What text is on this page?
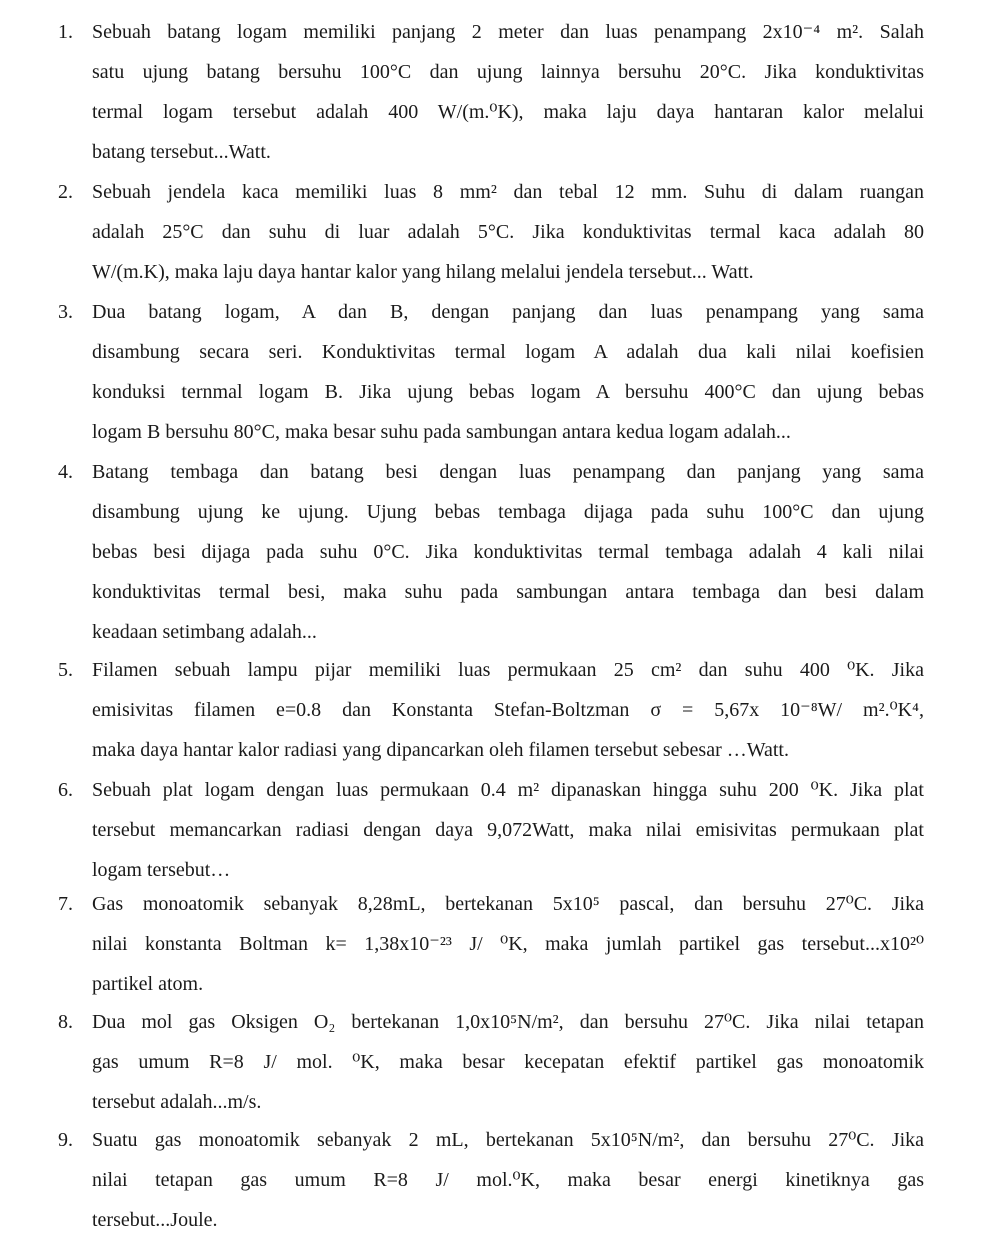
1. Sebuah batang logam memiliki panjang 2 meter dan luas penampang 2x10⁻⁴ m². Salah
satu ujung batang bersuhu 100°C dan ujung lainnya bersuhu 20°C. Jika konduktivitas
termal logam tersebut adalah 400 W/(m.⁰K), maka laju daya hantaran kalor melalui
batang tersebut...Watt.
2. Sebuah jendela kaca memiliki luas 8 mm² dan tebal 12 mm. Suhu di dalam ruangan
adalah 25°C dan suhu di luar adalah 5°C. Jika konduktivitas termal kaca adalah 80
W/(m.K), maka laju daya hantar kalor yang hilang melalui jendela tersebut... Watt.
3. Dua batang logam, A dan B, dengan panjang dan luas penampang yang sama
disambung secara seri. Konduktivitas termal logam A adalah dua kali nilai koefisien
konduksi ternmal logam B. Jika ujung bebas logam A bersuhu 400°C dan ujung bebas
logam B bersuhu 80°C, maka besar suhu pada sambungan antara kedua logam adalah...
4. Batang tembaga dan batang besi dengan luas penampang dan panjang yang sama
disambung ujung ke ujung. Ujung bebas tembaga dijaga pada suhu 100°C dan ujung
bebas besi dijaga pada suhu 0°C. Jika konduktivitas termal tembaga adalah 4 kali nilai
konduktivitas termal besi, maka suhu pada sambungan antara tembaga dan besi dalam
keadaan setimbang adalah...
5. Filamen sebuah lampu pijar memiliki luas permukaan 25 cm² dan suhu 400 ⁰K. Jika
emisivitas filamen e=0.8 dan Konstanta Stefan-Boltzman σ = 5,67x 10⁻⁸W/ m².⁰K⁴,
maka daya hantar kalor radiasi yang dipancarkan oleh filamen tersebut sebesar …Watt.
6. Sebuah plat logam dengan luas permukaan 0.4 m² dipanaskan hingga suhu 200 ⁰K. Jika plat
tersebut memancarkan radiasi dengan daya 9,072Watt, maka nilai emisivitas permukaan plat
logam tersebut…
7. Gas monoatomik sebanyak 8,28mL, bertekanan 5x10⁵ pascal, dan bersuhu 27⁰C. Jika
nilai konstanta Boltman k= 1,38x10⁻²³ J/ ⁰K, maka jumlah partikel gas tersebut...x10²⁰
partikel atom.
8. Dua mol gas Oksigen O₂ bertekanan 1,0x10⁵N/m², dan bersuhu 27⁰C. Jika nilai tetapan
gas umum R=8 J/ mol. ⁰K, maka besar kecepatan efektif partikel gas monoatomik
tersebut adalah...m/s.
9. Suatu gas monoatomik sebanyak 2 mL, bertekanan 5x10⁵N/m², dan bersuhu 27⁰C. Jika
nilai tetapan gas umum R=8 J/ mol.⁰K, maka besar energi kinetiknya gas
tersebut...Joule.
